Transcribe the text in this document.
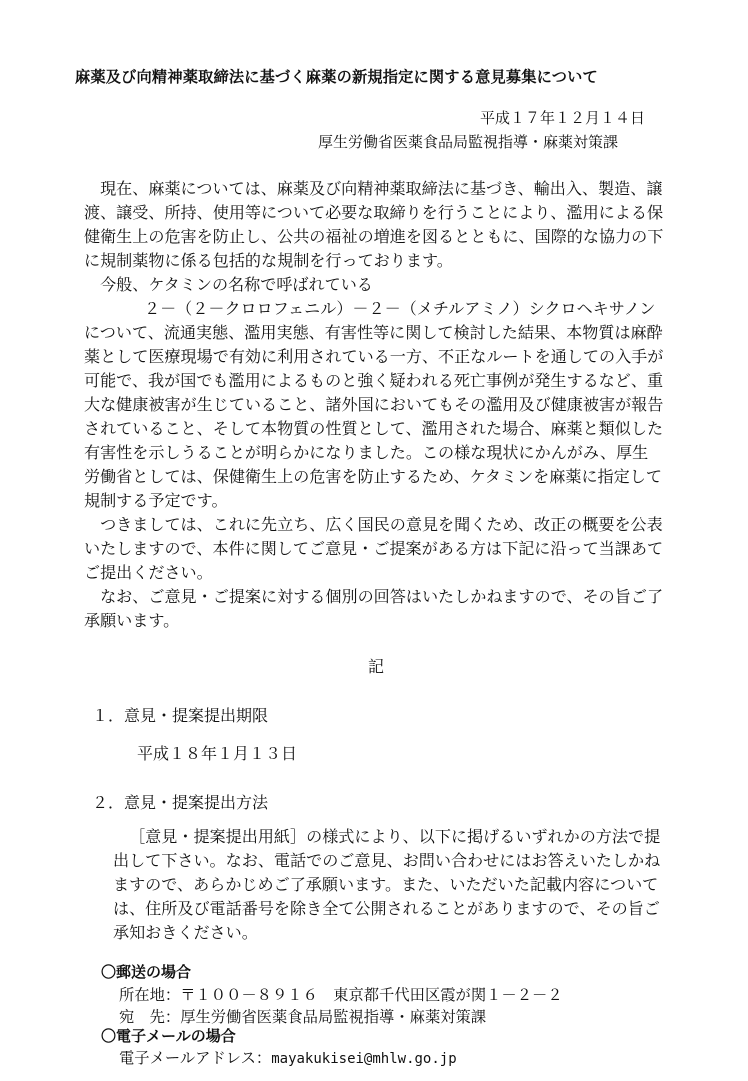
麻薬及び向精神薬取締法に基づく麻薬の新規指定に関する意見募集について
平成１７年１２月１４日
厚生労働省医薬食品局監視指導・麻薬対策課

現在、麻薬については、麻薬及び向精神薬取締法に基づき、輸出入、製造、譲渡、譲受、所持、使用等について必要な取締りを行うことにより、濫用による保健衛生上の危害を防止し、公共の福祉の増進を図るとともに、国際的な協力の下に規制薬物に係る包括的な規制を行っております。

今般、ケタミンの名称で呼ばれている

２－（２－クロロフェニル）－２－（メチルアミノ）シクロヘキサノン

について、流通実態、濫用実態、有害性等に関して検討した結果、本物質は麻酔薬として医療現場で有効に利用されている一方、不正なルートを通しての入手が可能で、我が国でも濫用によるものと強く疑われる死亡事例が発生するなど、重大な健康被害が生じていること、諸外国においてもその濫用及び健康被害が報告されていること、そして本物質の性質として、濫用された場合、麻薬と類似した有害性を示しうることが明らかになりました。この様な現状にかんがみ、厚生労働省としては、保健衛生上の危害を防止するため、ケタミンを麻薬に指定して規制する予定です。

つきましては、これに先立ち、広く国民の意見を聞くため、改正の概要を公表いたしますので、本件に関してご意見・ご提案がある方は下記に沿って当課あてご提出ください。

なお、ご意見・ご提案に対する個別の回答はいたしかねますので、その旨ご了承願います。

記
１．意見・提案提出期限
平成１８年１月１３日
２．意見・提案提出方法

［意見・提案提出用紙］の様式により、以下に掲げるいずれかの方法で提出して下さい。なお、電話でのご意見、お問い合わせにはお答えいたしかねますので、あらかじめご了承願います。また、いただいた記載内容については、住所及び電話番号を除き全て公開されることがありますので、その旨ご承知おきください。

〇郵送の場合
所在地：〒１００－８９１６　東京都千代田区霞が関１－２－２
宛　先：厚生労働省医薬食品局監視指導・麻薬対策課
〇電子メールの場合
電子メールアドレス：mayakukisei@mhlw.go.jp
